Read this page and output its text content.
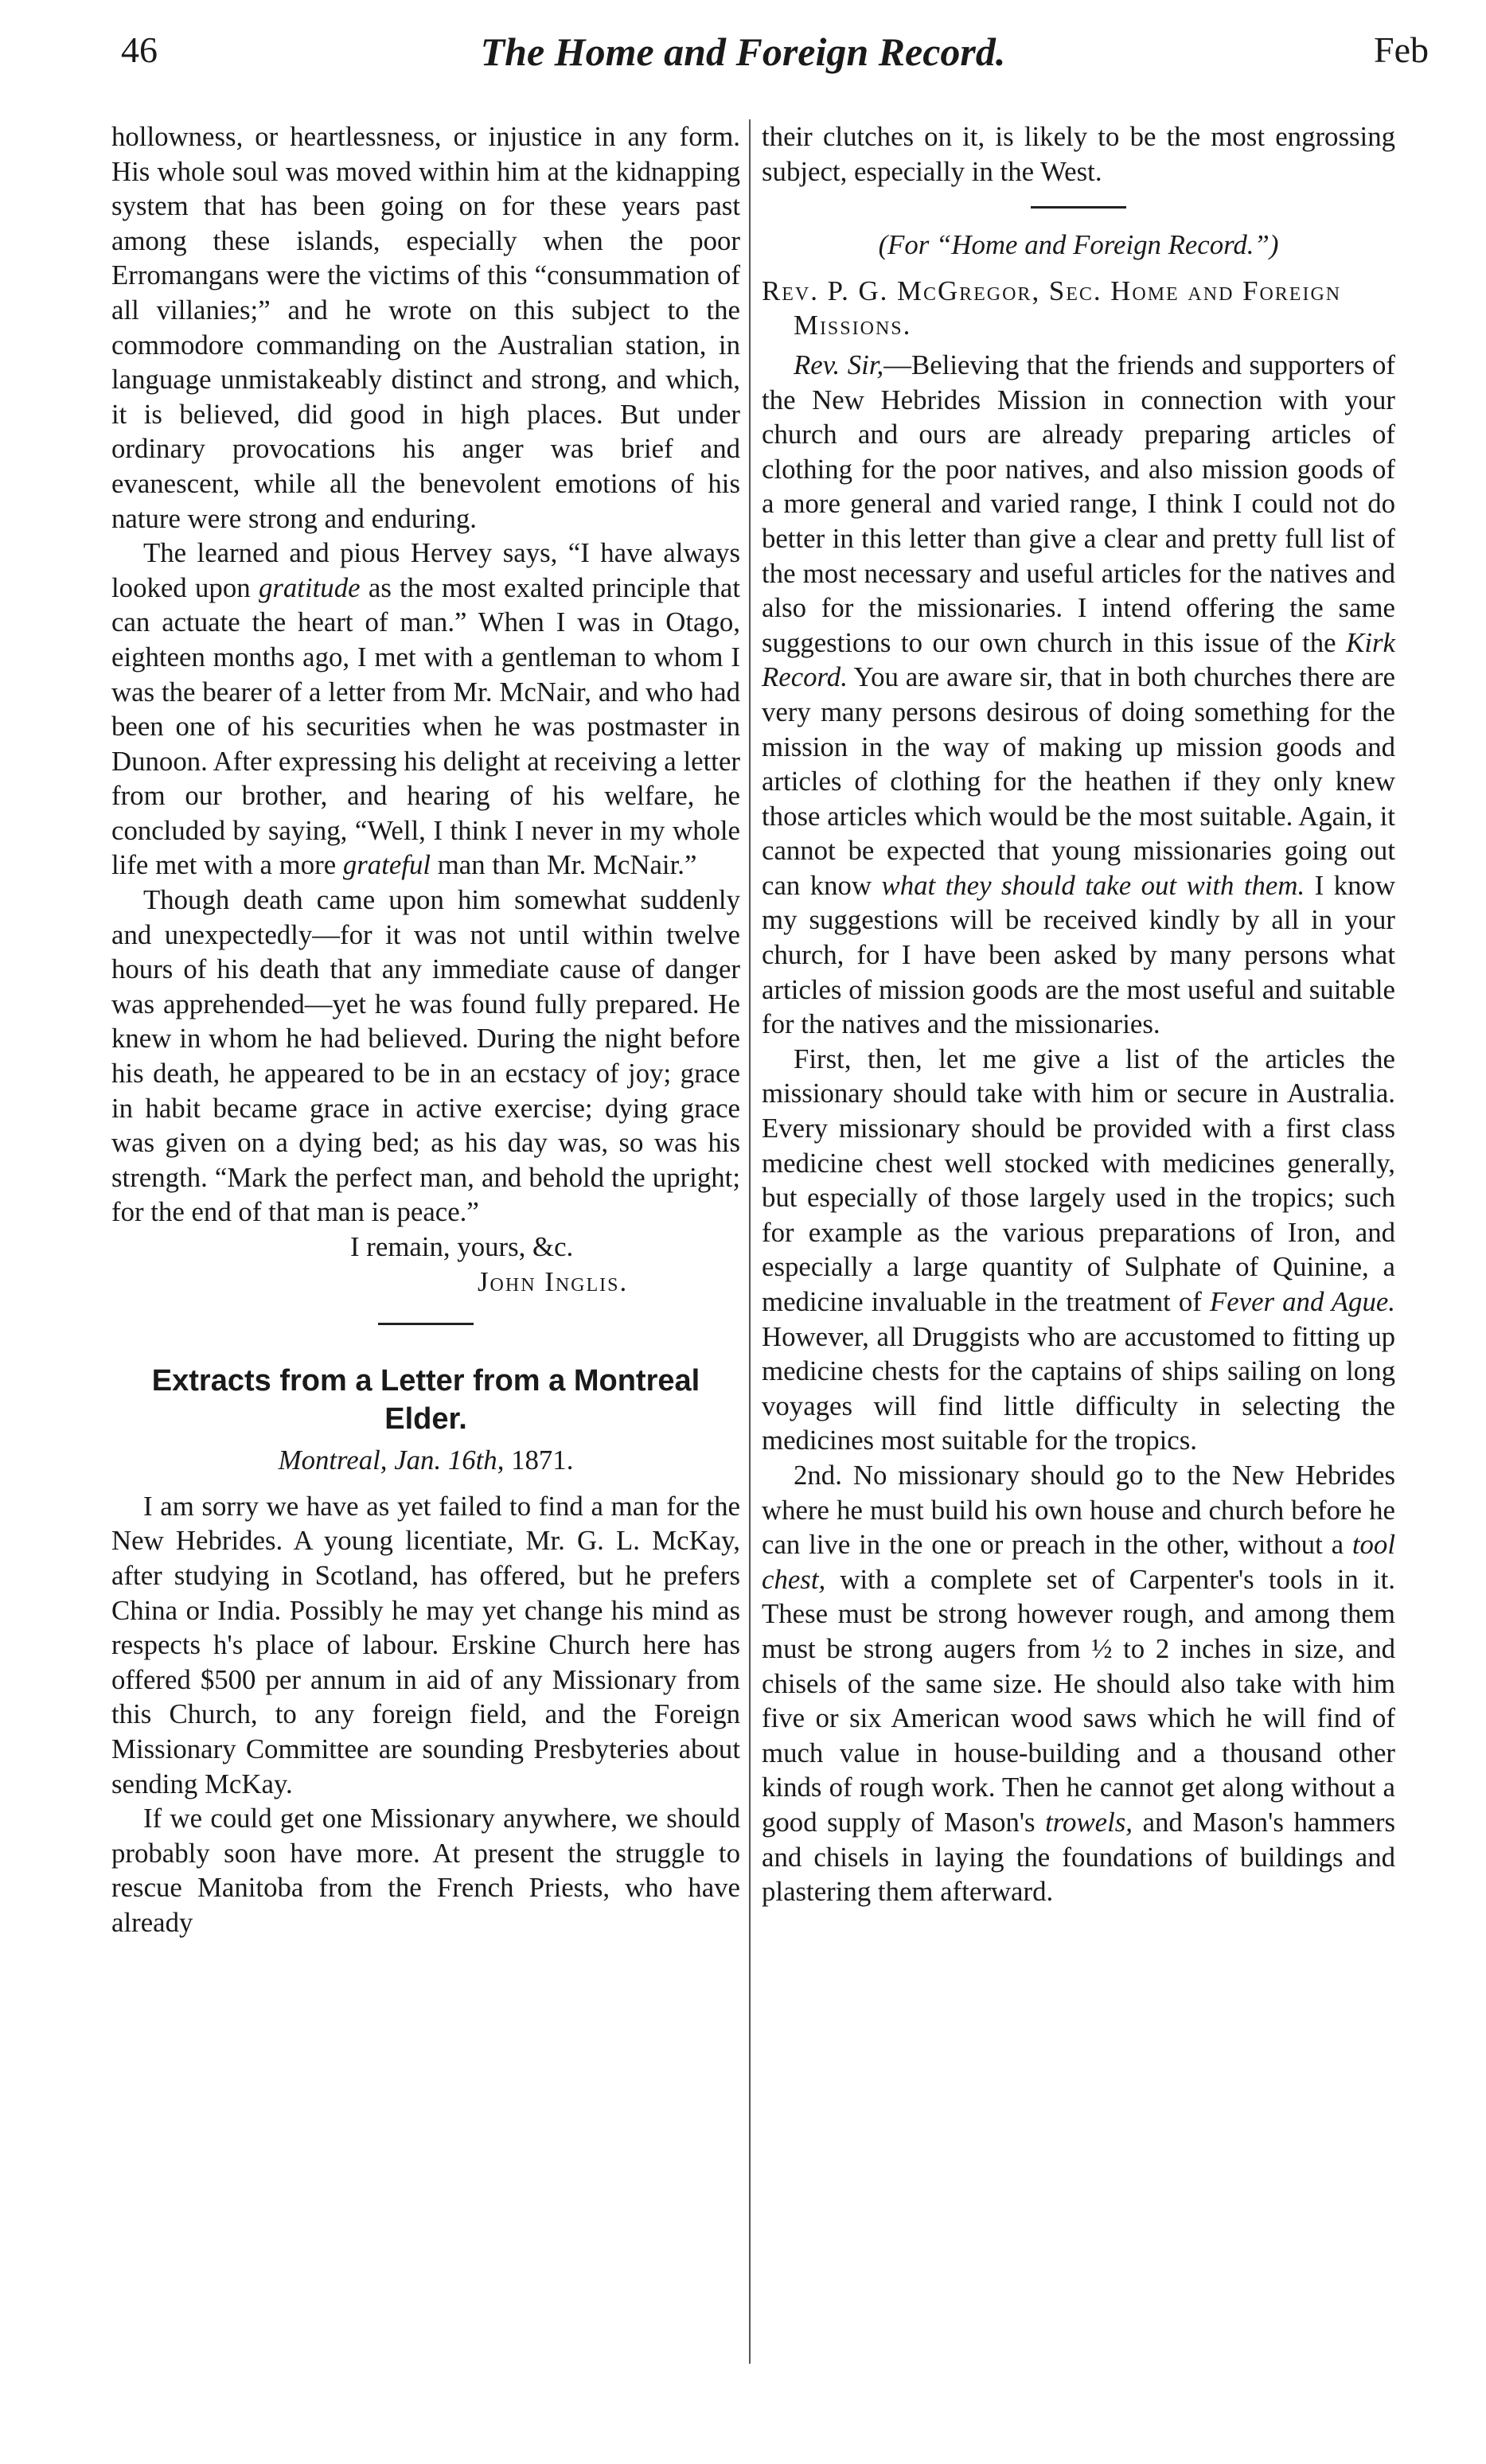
46	The Home and Foreign Record.	Feb

hollowness, or heartlessness, or injustice in any form. His whole soul was moved within him at the kidnapping system that has been going on for these years past among these islands, especially when the poor Erromangans were the victims of this “consummation of all villanies;” and he wrote on this subject to the commodore commanding on the Australian station, in language unmistakeably distinct and strong, and which, it is believed, did good in high places. But under ordinary provocations his anger was brief and evanescent, while all the benevolent emotions of his nature were strong and enduring.

The learned and pious Hervey says, “I have always looked upon gratitude as the most exalted principle that can actuate the heart of man.” When I was in Otago, eighteen months ago, I met with a gentleman to whom I was the bearer of a letter from Mr. McNair, and who had been one of his securities when he was postmaster in Dunoon. After expressing his delight at receiving a letter from our brother, and hearing of his welfare, he concluded by saying, “Well, I think I never in my whole life met with a more grateful man than Mr. McNair.”

Though death came upon him somewhat suddenly and unexpectedly—for it was not until within twelve hours of his death that any immediate cause of danger was apprehended—yet he was found fully prepared. He knew in whom he had believed. During the night before his death, he appeared to be in an ecstacy of joy; grace in habit became grace in active exercise; dying grace was given on a dying bed; as his day was, so was his strength. “Mark the perfect man, and behold the upright; for the end of that man is peace.”

I remain, yours, &c.
John Inglis.
Extracts from a Letter from a Montreal Elder.
Montreal, Jan. 16th, 1871.

I am sorry we have as yet failed to find a man for the New Hebrides. A young licentiate, Mr. G. L. McKay, after studying in Scotland, has offered, but he prefers China or India. Possibly he may yet change his mind as respects h's place of labour. Erskine Church here has offered $500 per annum in aid of any Missionary from this Church, to any foreign field, and the Foreign Missionary Committee are sounding Presbyteries about sending McKay.

If we could get one Missionary anywhere, we should probably soon have more. At present the struggle to rescue Manitoba from the French Priests, who have already

their clutches on it, is likely to be the most engrossing subject, especially in the West.

(For “Home and Foreign Record.”)
Rev. P. G. McGregor, Sec. Home and Foreign Missions.

Rev. Sir,—Believing that the friends and supporters of the New Hebrides Mission in connection with your church and ours are already preparing articles of clothing for the poor natives, and also mission goods of a more general and varied range, I think I could not do better in this letter than give a clear and pretty full list of the most necessary and useful articles for the natives and also for the missionaries. I intend offering the same suggestions to our own church in this issue of the Kirk Record. You are aware sir, that in both churches there are very many persons desirous of doing something for the mission in the way of making up mission goods and articles of clothing for the heathen if they only knew those articles which would be the most suitable. Again, it cannot be expected that young missionaries going out can know what they should take out with them. I know my suggestions will be received kindly by all in your church, for I have been asked by many persons what articles of mission goods are the most useful and suitable for the natives and the missionaries.

First, then, let me give a list of the articles the missionary should take with him or secure in Australia. Every missionary should be provided with a first class medicine chest well stocked with medicines generally, but especially of those largely used in the tropics; such for example as the various preparations of Iron, and especially a large quantity of Sulphate of Quinine, a medicine invaluable in the treatment of Fever and Ague. However, all Druggists who are accustomed to fitting up medicine chests for the captains of ships sailing on long voyages will find little difficulty in selecting the medicines most suitable for the tropics.

2nd. No missionary should go to the New Hebrides where he must build his own house and church before he can live in the one or preach in the other, without a tool chest, with a complete set of Carpenter's tools in it. These must be strong however rough, and among them must be strong augers from ½ to 2 inches in size, and chisels of the same size. He should also take with him five or six American wood saws which he will find of much value in house-building and a thousand other kinds of rough work. Then he cannot get along without a good supply of Mason's trowels, and Mason's hammers and chisels in laying the foundations of buildings and plastering them afterward.
